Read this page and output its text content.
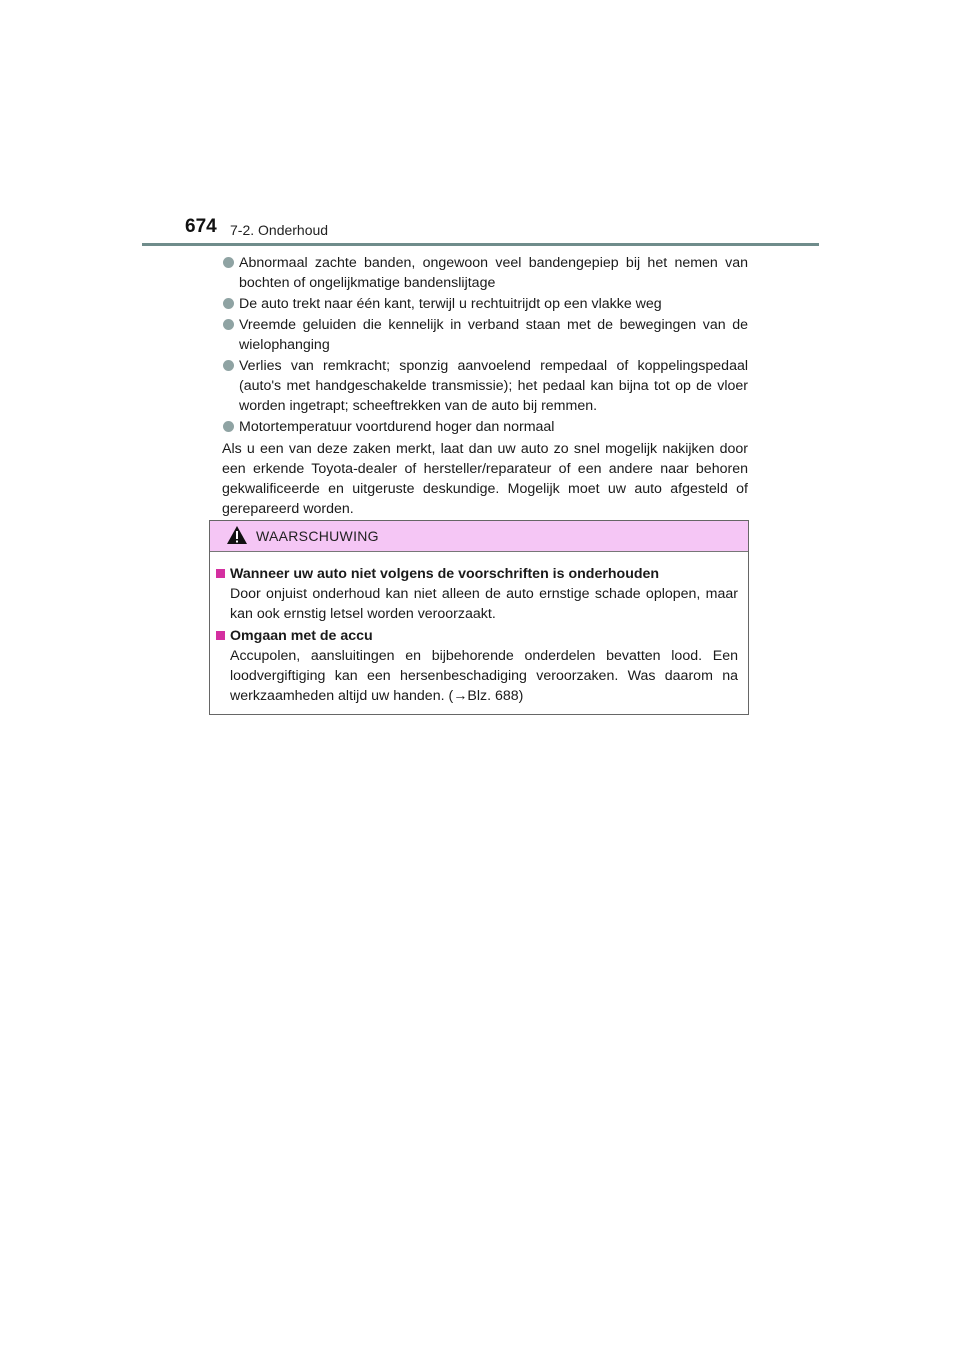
674 7-2. Onderhoud
Abnormaal zachte banden, ongewoon veel bandengepiep bij het nemen van bochten of ongelijkmatige bandenslijtage
De auto trekt naar één kant, terwijl u rechtuitrijdt op een vlakke weg
Vreemde geluiden die kennelijk in verband staan met de bewegingen van de wielophanging
Verlies van remkracht; sponzig aanvoelend rempedaal of koppelingspedaal (auto's met handgeschakelde transmissie); het pedaal kan bijna tot op de vloer worden ingetrapt; scheeftrekken van de auto bij remmen.
Motortemperatuur voortdurend hoger dan normaal
Als u een van deze zaken merkt, laat dan uw auto zo snel mogelijk nakijken door een erkende Toyota-dealer of hersteller/reparateur of een andere naar behoren gekwalificeerde en uitgeruste deskundige. Mogelijk moet uw auto afgesteld of gerepareerd worden.
WAARSCHUWING
Wanneer uw auto niet volgens de voorschriften is onderhouden
Door onjuist onderhoud kan niet alleen de auto ernstige schade oplopen, maar kan ook ernstig letsel worden veroorzaakt.
Omgaan met de accu
Accupolen, aansluitingen en bijbehorende onderdelen bevatten lood. Een loodvergiftiging kan een hersenbeschadiging veroorzaken. Was daarom na werkzaamheden altijd uw handen. (→Blz. 688)
